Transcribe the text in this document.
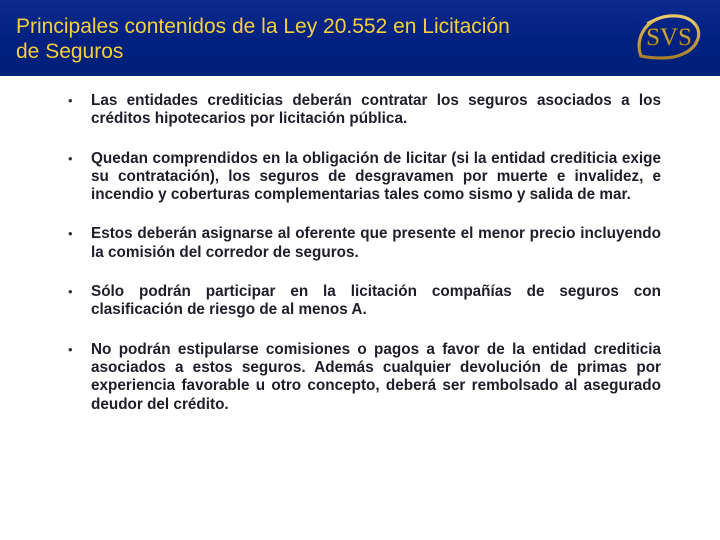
Principales contenidos de la Ley 20.552 en Licitación
de Seguros
SVS
• Las entidades crediticias deberán contratar los seguros asociados a los créditos hipotecarios por licitación pública.
• Quedan comprendidos en la obligación de licitar (si la entidad crediticia exige su contratación), los seguros de desgravamen por muerte e invalidez, e incendio y coberturas complementarias tales como sismo y salida de mar.
• Estos deberán asignarse al oferente que presente el menor precio incluyendo la comisión del corredor de seguros.
• Sólo podrán participar en la licitación compañías de seguros con clasificación de riesgo de al menos A.
• No podrán estipularse comisiones o pagos a favor de la entidad crediticia asociados a estos seguros. Además cualquier devolución de primas por experiencia favorable u otro concepto, deberá ser rembolsado al asegurado deudor del crédito.
